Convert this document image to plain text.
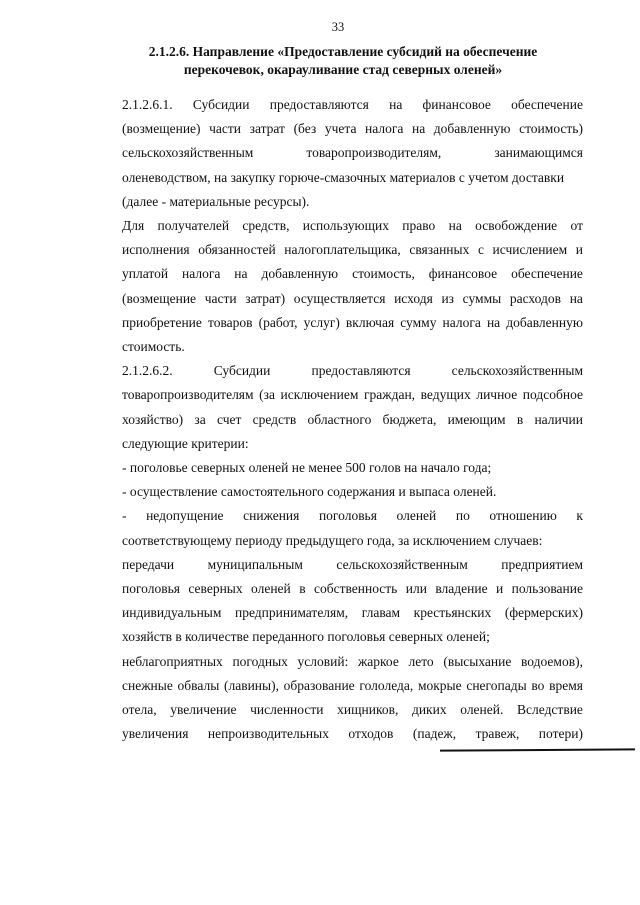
33
2.1.2.6. Направление «Предоставление субсидий на обеспечение
перекочевок, окарауливание стад северных оленей»
2.1.2.6.1. Субсидии предоставляются на финансовое обеспечение
(возмещение) части затрат (без учета налога на добавленную стоимость)
сельскохозяйственным	товаропроизводителям,	занимающимся
оленеводством, на закупку горюче-смазочных материалов с учетом доставки
(далее - материальные ресурсы).
Для получателей средств, использующих право на освобождение от
исполнения обязанностей налогоплательщика, связанных с исчислением и
уплатой налога на добавленную стоимость, финансовое обеспечение
(возмещение части затрат) осуществляется исходя из суммы расходов на
приобретение товаров (работ, услуг) включая сумму налога на добавленную
стоимость.
2.1.2.6.2.	Субсидии	предоставляются	сельскохозяйственным
товаропроизводителям (за исключением граждан, ведущих личное подсобное
хозяйство) за счет средств областного бюджета, имеющим в наличии
следующие критерии:
- поголовье северных оленей не менее 500 голов на начало года;
- осуществление самостоятельного содержания и выпаса оленей.
- недопущение снижения поголовья оленей по отношению к
соответствующему периоду предыдущего года, за исключением случаев:
передачи муниципальным сельскохозяйственным предприятием
поголовья северных оленей в собственность или владение и пользование
индивидуальным предпринимателям, главам крестьянских (фермерских)
хозяйств в количестве переданного поголовья северных оленей;
неблагоприятных погодных условий: жаркое лето (высыхание водоемов),
снежные обвалы (лавины), образование гололеда, мокрые снегопады во время
отела, увеличение численности хищников, диких оленей. Вследствие
увеличения непроизводительных отходов (падеж, травеж, потери)
